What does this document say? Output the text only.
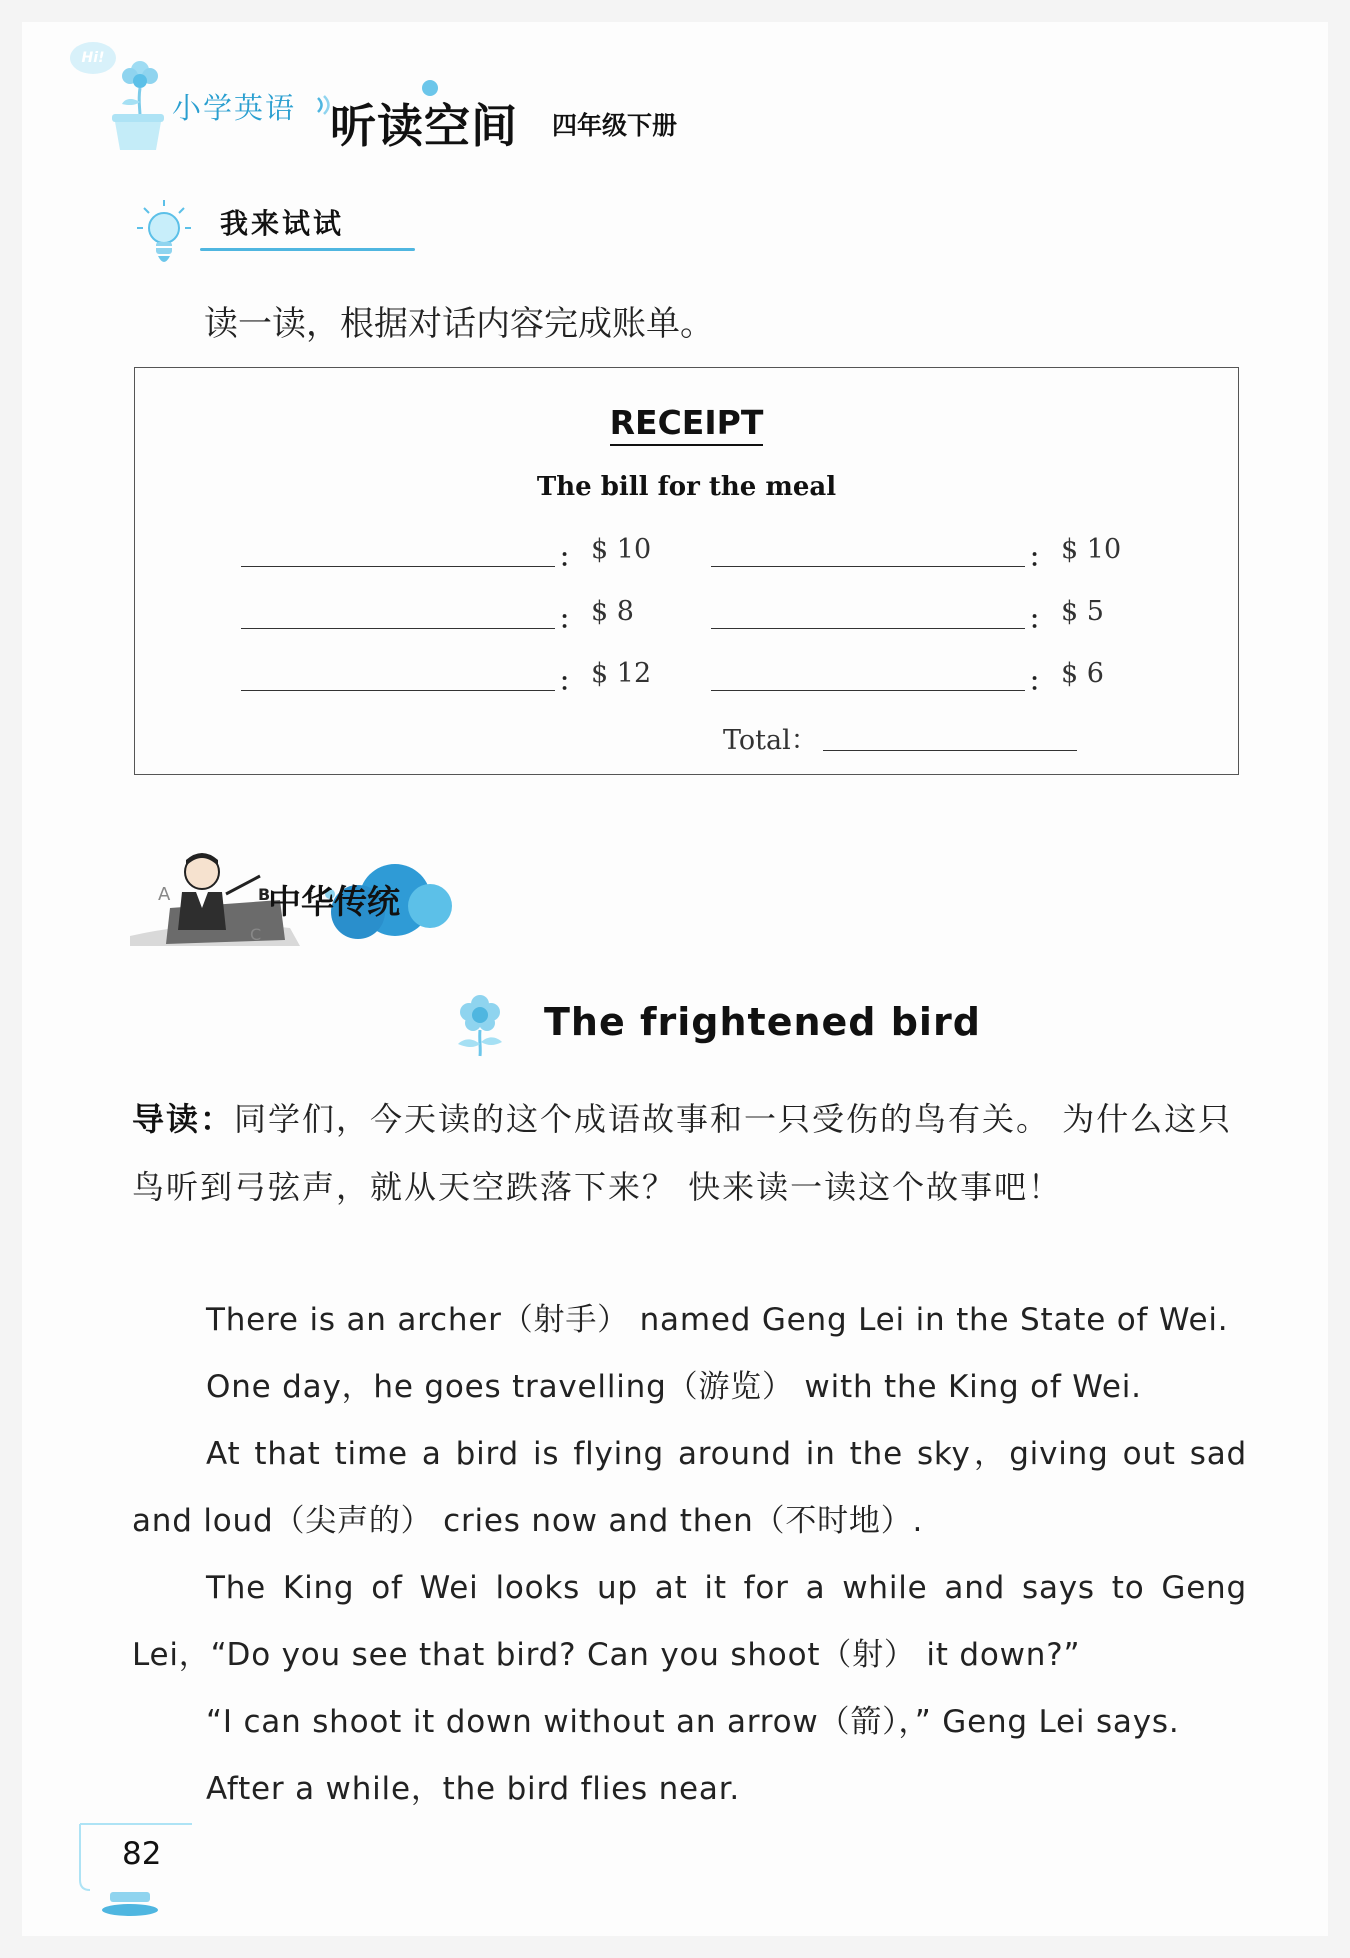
Hi!
小学英语 听读空间 四年级下册
我来试试
读一读，根据对话内容完成账单。
RECEIPT
The bill for the meal
： $ 10	： $ 10
： $ 8	： $ 5
： $ 12	： $ 6
Total：
A
C
B
中华传统
The frightened bird
导读：同学们，今天读的这个成语故事和一只受伤的鸟有关。 为什么这只鸟听到弓弦声，就从天空跌落下来？ 快来读一读这个故事吧！

There is an archer（射手） named Geng Lei in the State of Wei.

One day，he goes travelling（游览） with the King of Wei.

At that time a bird is flying around in the sky，giving out sad and loud（尖声的） cries now and then（不时地）.

The King of Wei looks up at it for a while and says to Geng Lei，“Do you see that bird? Can you shoot（射） it down?”

“I can shoot it down without an arrow（箭），” Geng Lei says.

After a while，the bird flies near.

82
